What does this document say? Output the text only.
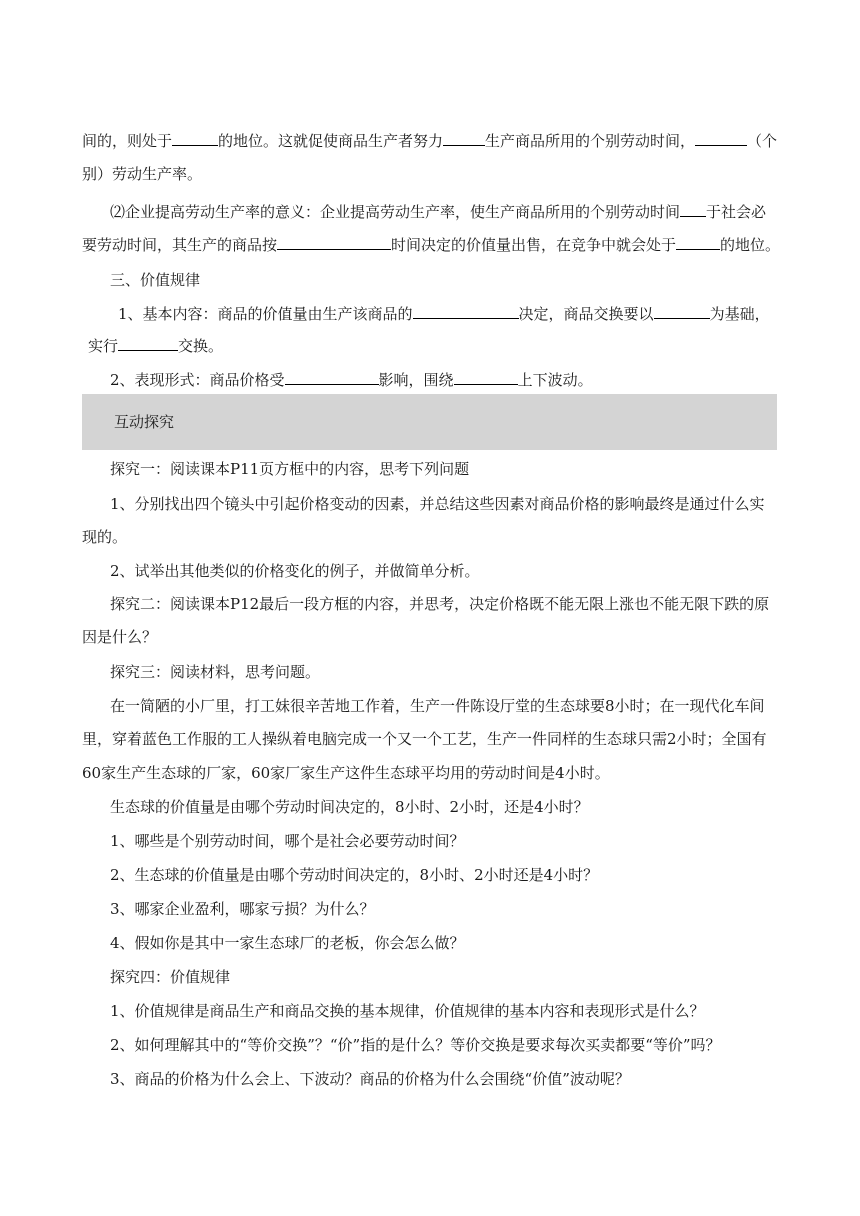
间的，则处于	的地位。这就促使商品生产者努力	生产商品所用的个别劳动时间，	（个
别）劳动生产率。
⑵企业提高劳动生产率的意义：企业提高劳动生产率，使生产商品所用的个别劳动时间 于社会必
要劳动时间，其生产的商品按	时间决定的价值量出售，在竞争中就会处于	的地位。
三、价值规律
1、基本内容：商品的价值量由生产该商品的	决定，商品交换要以	为基础，
实行	交换。
2、表现形式：商品价格受	影响，围绕	上下波动。
互动探究
探究一：阅读课本P11页方框中的内容，思考下列问题
1、分别找出四个镜头中引起价格变动的因素，并总结这些因素对商品价格的影响最终是通过什么实
现的。
2、试举出其他类似的价格变化的例子，并做简单分析。
探究二：阅读课本P12最后一段方框的内容，并思考，决定价格既不能无限上涨也不能无限下跌的原
因是什么？
探究三：阅读材料，思考问题。
在一简陋的小厂里，打工妹很辛苦地工作着，生产一件陈设厅堂的生态球要8小时；在一现代化车间
里，穿着蓝色工作服的工人操纵着电脑完成一个又一个工艺，生产一件同样的生态球只需2小时；全国有
60家生产生态球的厂家，60家厂家生产这件生态球平均用的劳动时间是4小时。
生态球的价值量是由哪个劳动时间决定的，8小时、2小时，还是4小时？
1、哪些是个别劳动时间，哪个是社会必要劳动时间？
2、生态球的价值量是由哪个劳动时间决定的，8小时、2小时还是4小时？
3、哪家企业盈利，哪家亏损？为什么？
4、假如你是其中一家生态球厂的老板，你会怎么做？
探究四：价值规律
1、价值规律是商品生产和商品交换的基本规律，价值规律的基本内容和表现形式是什么？
2、如何理解其中的“等价交换”？“价”指的是什么？等价交换是要求每次买卖都要“等价”吗？
3、商品的价格为什么会上、下波动？商品的价格为什么会围绕“价值”波动呢？
